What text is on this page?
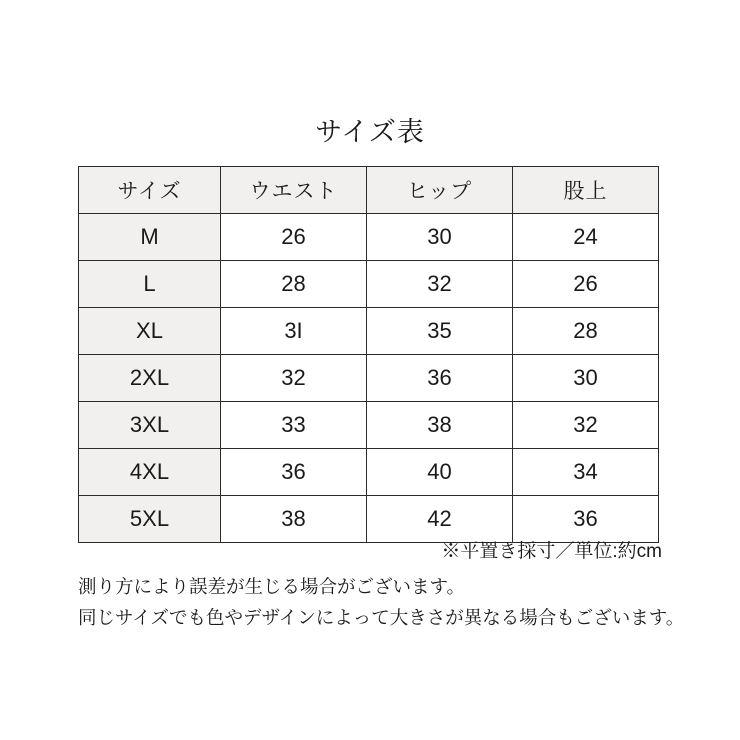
サイズ表
サイズ	ウエスト	ヒップ	股上
M	26	30	24
L	28	32	26
XL	3I	35	28
2XL	32	36	30
3XL	33	38	32
4XL	36	40	34
5XL	38	42	36
※平置き採寸／単位:約cm
測り方により誤差が生じる場合がございます。
同じサイズでも色やデザインによって大きさが異なる場合もございます。
